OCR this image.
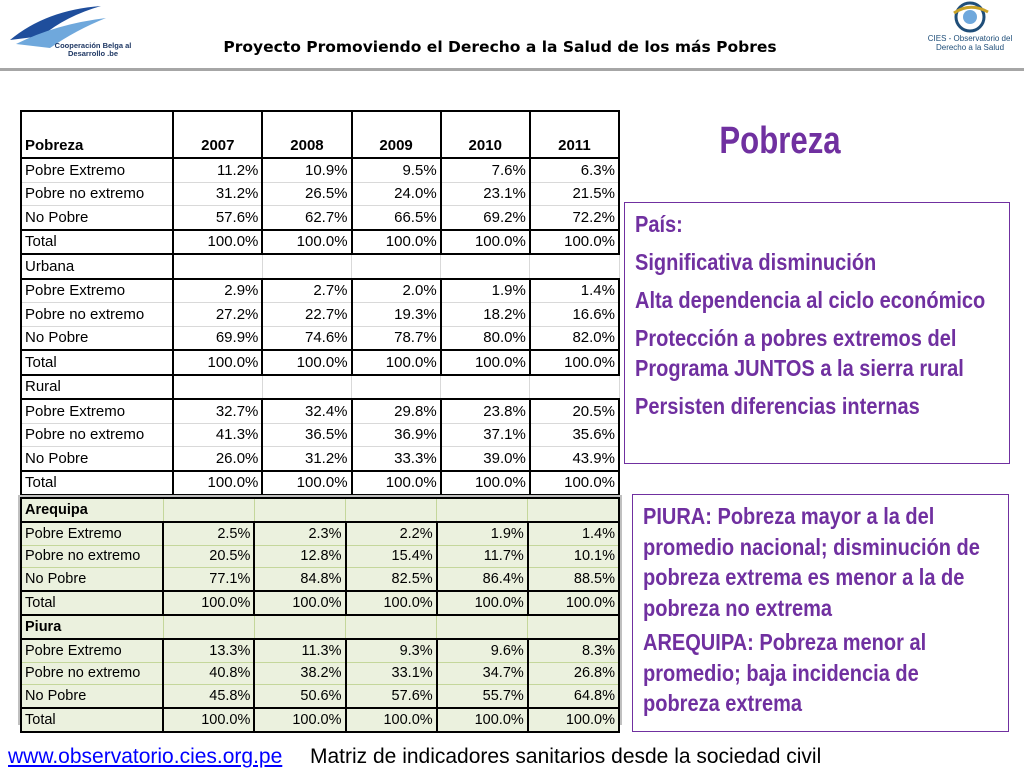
Cooperación Belga al Desarrollo .be
CIES - Observatorio del Derecho a la Salud
Proyecto Promoviendo el Derecho a la Salud de los más Pobres
Pobreza
Pobreza	2007	2008	2009	2010	2011
Pobre Extremo	11.2%	10.9%	9.5%	7.6%	6.3%
Pobre no extremo	31.2%	26.5%	24.0%	23.1%	21.5%
No Pobre	57.6%	62.7%	66.5%	69.2%	72.2%
Total	100.0%	100.0%	100.0%	100.0%	100.0%
Urbana					
Pobre Extremo	2.9%	2.7%	2.0%	1.9%	1.4%
Pobre no extremo	27.2%	22.7%	19.3%	18.2%	16.6%
No Pobre	69.9%	74.6%	78.7%	80.0%	82.0%
Total	100.0%	100.0%	100.0%	100.0%	100.0%
Rural					
Pobre Extremo	32.7%	32.4%	29.8%	23.8%	20.5%
Pobre no extremo	41.3%	36.5%	36.9%	37.1%	35.6%
No Pobre	26.0%	31.2%	33.3%	39.0%	43.9%
Total	100.0%	100.0%	100.0%	100.0%	100.0%
Arequipa					
Pobre Extremo	2.5%	2.3%	2.2%	1.9%	1.4%
Pobre no extremo	20.5%	12.8%	15.4%	11.7%	10.1%
No Pobre	77.1%	84.8%	82.5%	86.4%	88.5%
Total	100.0%	100.0%	100.0%	100.0%	100.0%
Piura					
Pobre Extremo	13.3%	11.3%	9.3%	9.6%	8.3%
Pobre no extremo	40.8%	38.2%	33.1%	34.7%	26.8%
No Pobre	45.8%	50.6%	57.6%	55.7%	64.8%
Total	100.0%	100.0%	100.0%	100.0%	100.0%

País:

Significativa disminución

Alta dependencia al ciclo económico

Protección a pobres extremos del Programa JUNTOS a la sierra rural

Persisten diferencias internas

PIURA: Pobreza mayor a la del promedio nacional; disminución de pobreza extrema es menor a la de pobreza no extrema

AREQUIPA: Pobreza menor al promedio; baja incidencia de pobreza extrema

www.observatorio.cies.org.pe Matriz de indicadores sanitarios desde la sociedad civil
